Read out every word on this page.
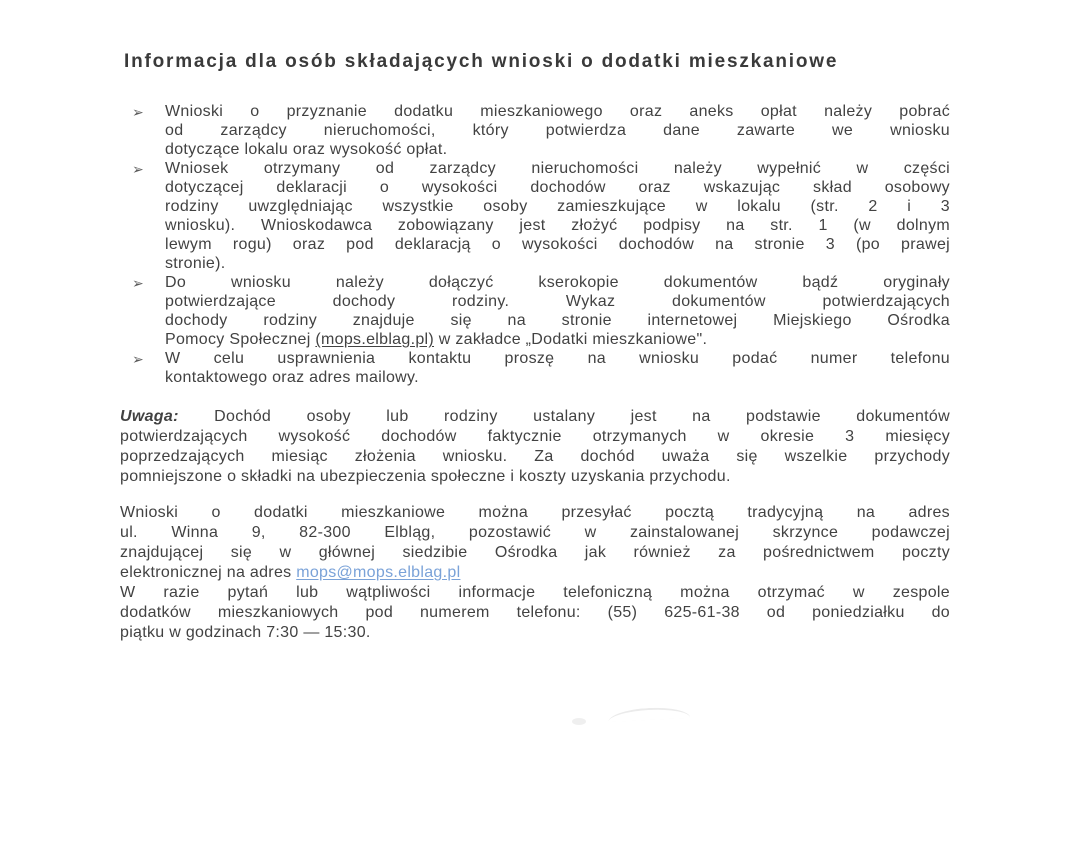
Informacja dla osób składających wnioski o dodatki mieszkaniowe
➢ Wnioski o przyznanie dodatku mieszkaniowego oraz aneks opłat należy pobrać
od zarządcy nieruchomości, który potwierdza dane zawarte we wniosku
dotyczące lokalu oraz wysokość opłat.
➢ Wniosek otrzymany od zarządcy nieruchomości należy wypełnić w części
dotyczącej deklaracji o wysokości dochodów oraz wskazując skład osobowy
rodziny uwzględniając wszystkie osoby zamieszkujące w lokalu (str. 2 i 3
wniosku). Wnioskodawca zobowiązany jest złożyć podpisy na str. 1 (w dolnym
lewym rogu) oraz pod deklaracją o wysokości dochodów na stronie 3 (po prawej
stronie).
➢ Do wniosku należy dołączyć kserokopie dokumentów bądź oryginały
potwierdzające dochody rodziny. Wykaz dokumentów potwierdzających
dochody rodziny znajduje się na stronie internetowej Miejskiego Ośrodka
Pomocy Społecznej (mops.elblag.pl) w zakładce „Dodatki mieszkaniowe".
➢ W celu usprawnienia kontaktu proszę na wniosku podać numer telefonu
kontaktowego oraz adres mailowy.

Uwaga: Dochód osoby lub rodziny ustalany jest na podstawie dokumentów
potwierdzających wysokość dochodów faktycznie otrzymanych w okresie 3 miesięcy
poprzedzających miesiąc złożenia wniosku. Za dochód uważa się wszelkie przychody
pomniejszone o składki na ubezpieczenia społeczne i koszty uzyskania przychodu.

Wnioski o dodatki mieszkaniowe można przesyłać pocztą tradycyjną na adres
ul. Winna 9, 82-300 Elbląg, pozostawić w zainstalowanej skrzynce podawczej
znajdującej się w głównej siedzibie Ośrodka jak również za pośrednictwem poczty
elektronicznej na adres mops@mops.elblag.pl

W razie pytań lub wątpliwości informacje telefoniczną można otrzymać w zespole
dodatków mieszkaniowych pod numerem telefonu: (55) 625-61-38 od poniedziałku do
piątku w godzinach 7:30 — 15:30.
